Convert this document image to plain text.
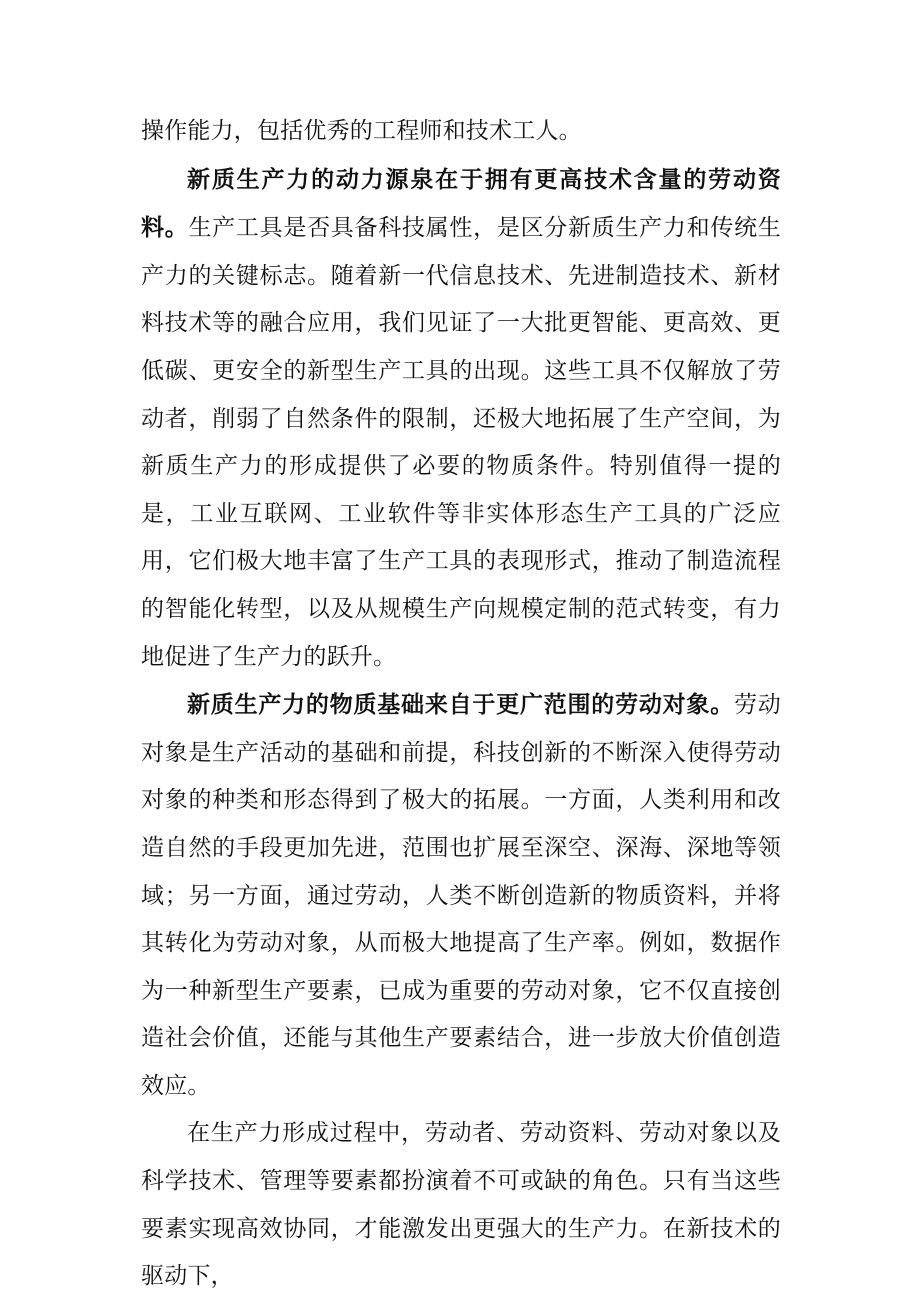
操作能力，包括优秀的工程师和技术工人。

新质生产力的动力源泉在于拥有更高技术含量的劳动资料。生产工具是否具备科技属性，是区分新质生产力和传统生产力的关键标志。随着新一代信息技术、先进制造技术、新材料技术等的融合应用，我们见证了一大批更智能、更高效、更低碳、更安全的新型生产工具的出现。这些工具不仅解放了劳动者，削弱了自然条件的限制，还极大地拓展了生产空间，为新质生产力的形成提供了必要的物质条件。特别值得一提的是，工业互联网、工业软件等非实体形态生产工具的广泛应用，它们极大地丰富了生产工具的表现形式，推动了制造流程的智能化转型，以及从规模生产向规模定制的范式转变，有力地促进了生产力的跃升。

新质生产力的物质基础来自于更广范围的劳动对象。劳动对象是生产活动的基础和前提，科技创新的不断深入使得劳动对象的种类和形态得到了极大的拓展。一方面，人类利用和改造自然的手段更加先进，范围也扩展至深空、深海、深地等领域；另一方面，通过劳动，人类不断创造新的物质资料，并将其转化为劳动对象，从而极大地提高了生产率。例如，数据作为一种新型生产要素，已成为重要的劳动对象，它不仅直接创造社会价值，还能与其他生产要素结合，进一步放大价值创造效应。

在生产力形成过程中，劳动者、劳动资料、劳动对象以及科学技术、管理等要素都扮演着不可或缺的角色。只有当这些要素实现高效协同，才能激发出更强大的生产力。在新技术的驱动下，
